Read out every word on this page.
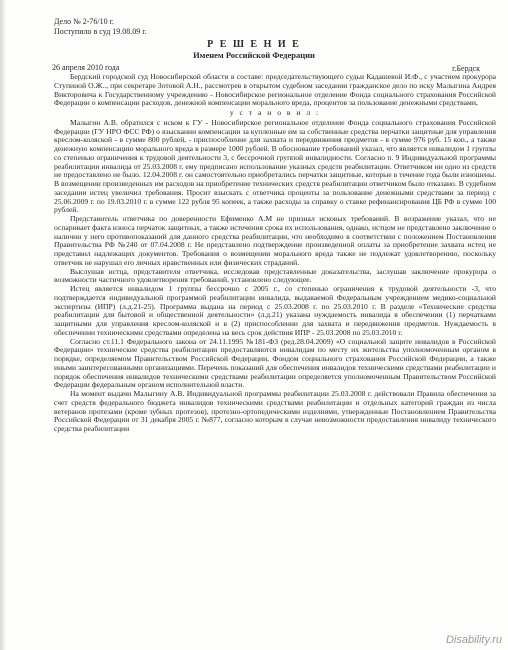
Дело № 2-76/10 г.
Поступило в суд 19.08.09 г.
Р Е Ш Е Н И Е
Именем Российской Федерации
26 апреля 2010 года	г.Бердск

Бердский городской суд Новосибирской области в составе: председательствующего судьи Кадашевой И.Ф., с участием прокурора Ступиной О.Ж.., при секретаре Зотовой А.Н., рассмотрев в открытом судебном заседании гражданское дело по иску Малыгина Андрея Викторовича к Государственному учреждению - Новосибирское региональное отделение Фонда социального страхования Российской Федерации о компенсации расходов, денежной компенсации морального вреда, процентов за пользование денежными средствами,

у с т а н о в и л :

Малыгин А.В. обратился с иском к ГУ - Новосибирское региональное отделение Фонда социального страхования Российской Федерации (ГУ НРО ФСС РФ) о взыскании компенсации за купленные им за собственные средства перчатки защитные для управления креслом-коляской - в сумме 800 рублей, - приспособление для захвата и передвижения предметов - в сумме 976 руб. 15 коп., а также денежную компенсацию морального вреда в размере 1000 рублей. В обоснование требований указал, что является инвалидом 1 группы со степенью ограничения к трудовой деятельности 3, с бессрочной группой инвалидности. Согласно п. 9 Индивидуальной программы реабилитации инвалида от 25.03.2008 г. ему предписано использование указных средств реабилитации. Ответчиком ни одно из средств не предоставлено не было. 12.04.2008 г. он самостоятельно приобретались перчатки защитные, которые в течение года были изношены. В возмещении произведенных им расходов на приобретение технических средств реабилитации ответчиком было отказано. В судебном заседании истец увеличил требования. Просит взыскать с ответчика проценты за пользование денежными средствами за период с 25.06.2009 г. по 19.03.2010 г. в сумме 122 рубля 95 копеек, а также расходы за справку о ставке рефинансирования ЦБ РФ в сумме 100 рублей.

Представитель ответчика по доверенности Ефименко А.М не признал исковых требований. В возражение указал, что не оспаривает факта износа перчаток защитных, а также истечения срока их использования, однако, истцом не представлено заключение о наличии у него противопоказаний для данного средства реабилитации, что необходимо в соответствии с положением Постановления Правительства РФ №240 от 07.04.2008 г. Не представлено подтверждение произведенной оплаты за приобретение захвата истец не представил надлежащих документов. Требования о возмещении морального вреда также не подлежат удовлетворению, поскольку ответчик не нарушал его личных нравственных или физических страданий.

Выслушав истца, представителя ответчика, исследовав представленные доказательства, заслушав заключение прокурора о возможности частичного удовлетворения требований, установлено следующее.

Истец является инвалидом 1 группы бессрочно с 2005 г., со степенью ограничения к трудовой деятельности -3, что подтверждается индивидуальной программой реабилитации инвалида, выдаваемой Федеральным учреждением медико-социальной экспертизы (ИПР) (л.д.21-25). Программа выдана на период с 25.03.2008 г. по 25.03.2010 г. В разделе «Технические средства реабилитации для бытовой и общественной деятельности» (л.д.21) указана нуждаемость инвалида в обеспечении (1) перчатками защитными для управления креслом-коляской и в (2) приспособлении для захвата и передвижения предметов. Нуждаемость в обеспечении техническими средствами определена на весь срок действия ИПР - 25.03.2008 по 25.03.2010 г.

Согласно ст.11.1 Федерального закона от 24.11.1995 №181-ФЗ (ред.28.04.2009) «О социальной защите инвалидов в Российской Федерации» технические средства реабилитации предоставляются инвалидам по месту их жительства уполномоченным органом в порядке, определяемом Правительством Российской Федерации, Фондом социального страхования Российской Федерации, а также иными заинтересованными организациями. Перечень показаний для обеспечения инвалидов техническими средствами реабилитации и порядок обеспечения инвалидов техническими средствами реабилитации определяется уполномоченным Правительством Российской Федерации федеральным органом исполнительной власти.

На момент выдачи Малыгину А.В. Индивидуальной программы реабилитации 25.03.2008 г. действовали Правила обеспечения за счет средств федерального бюджета инвалидов техническими средствами реабилитации и отдельных категорий граждан из числа ветеранов протезами (кроме зубных протезов), протезно-ортопедическими изделиями, утвержденные Постановлением Правительства Российской Федерации от 31 декабря 2005 г. №877, согласно которым в случае невозможности предоставления инвалиду технического средства реабилитации

Disability.ru
